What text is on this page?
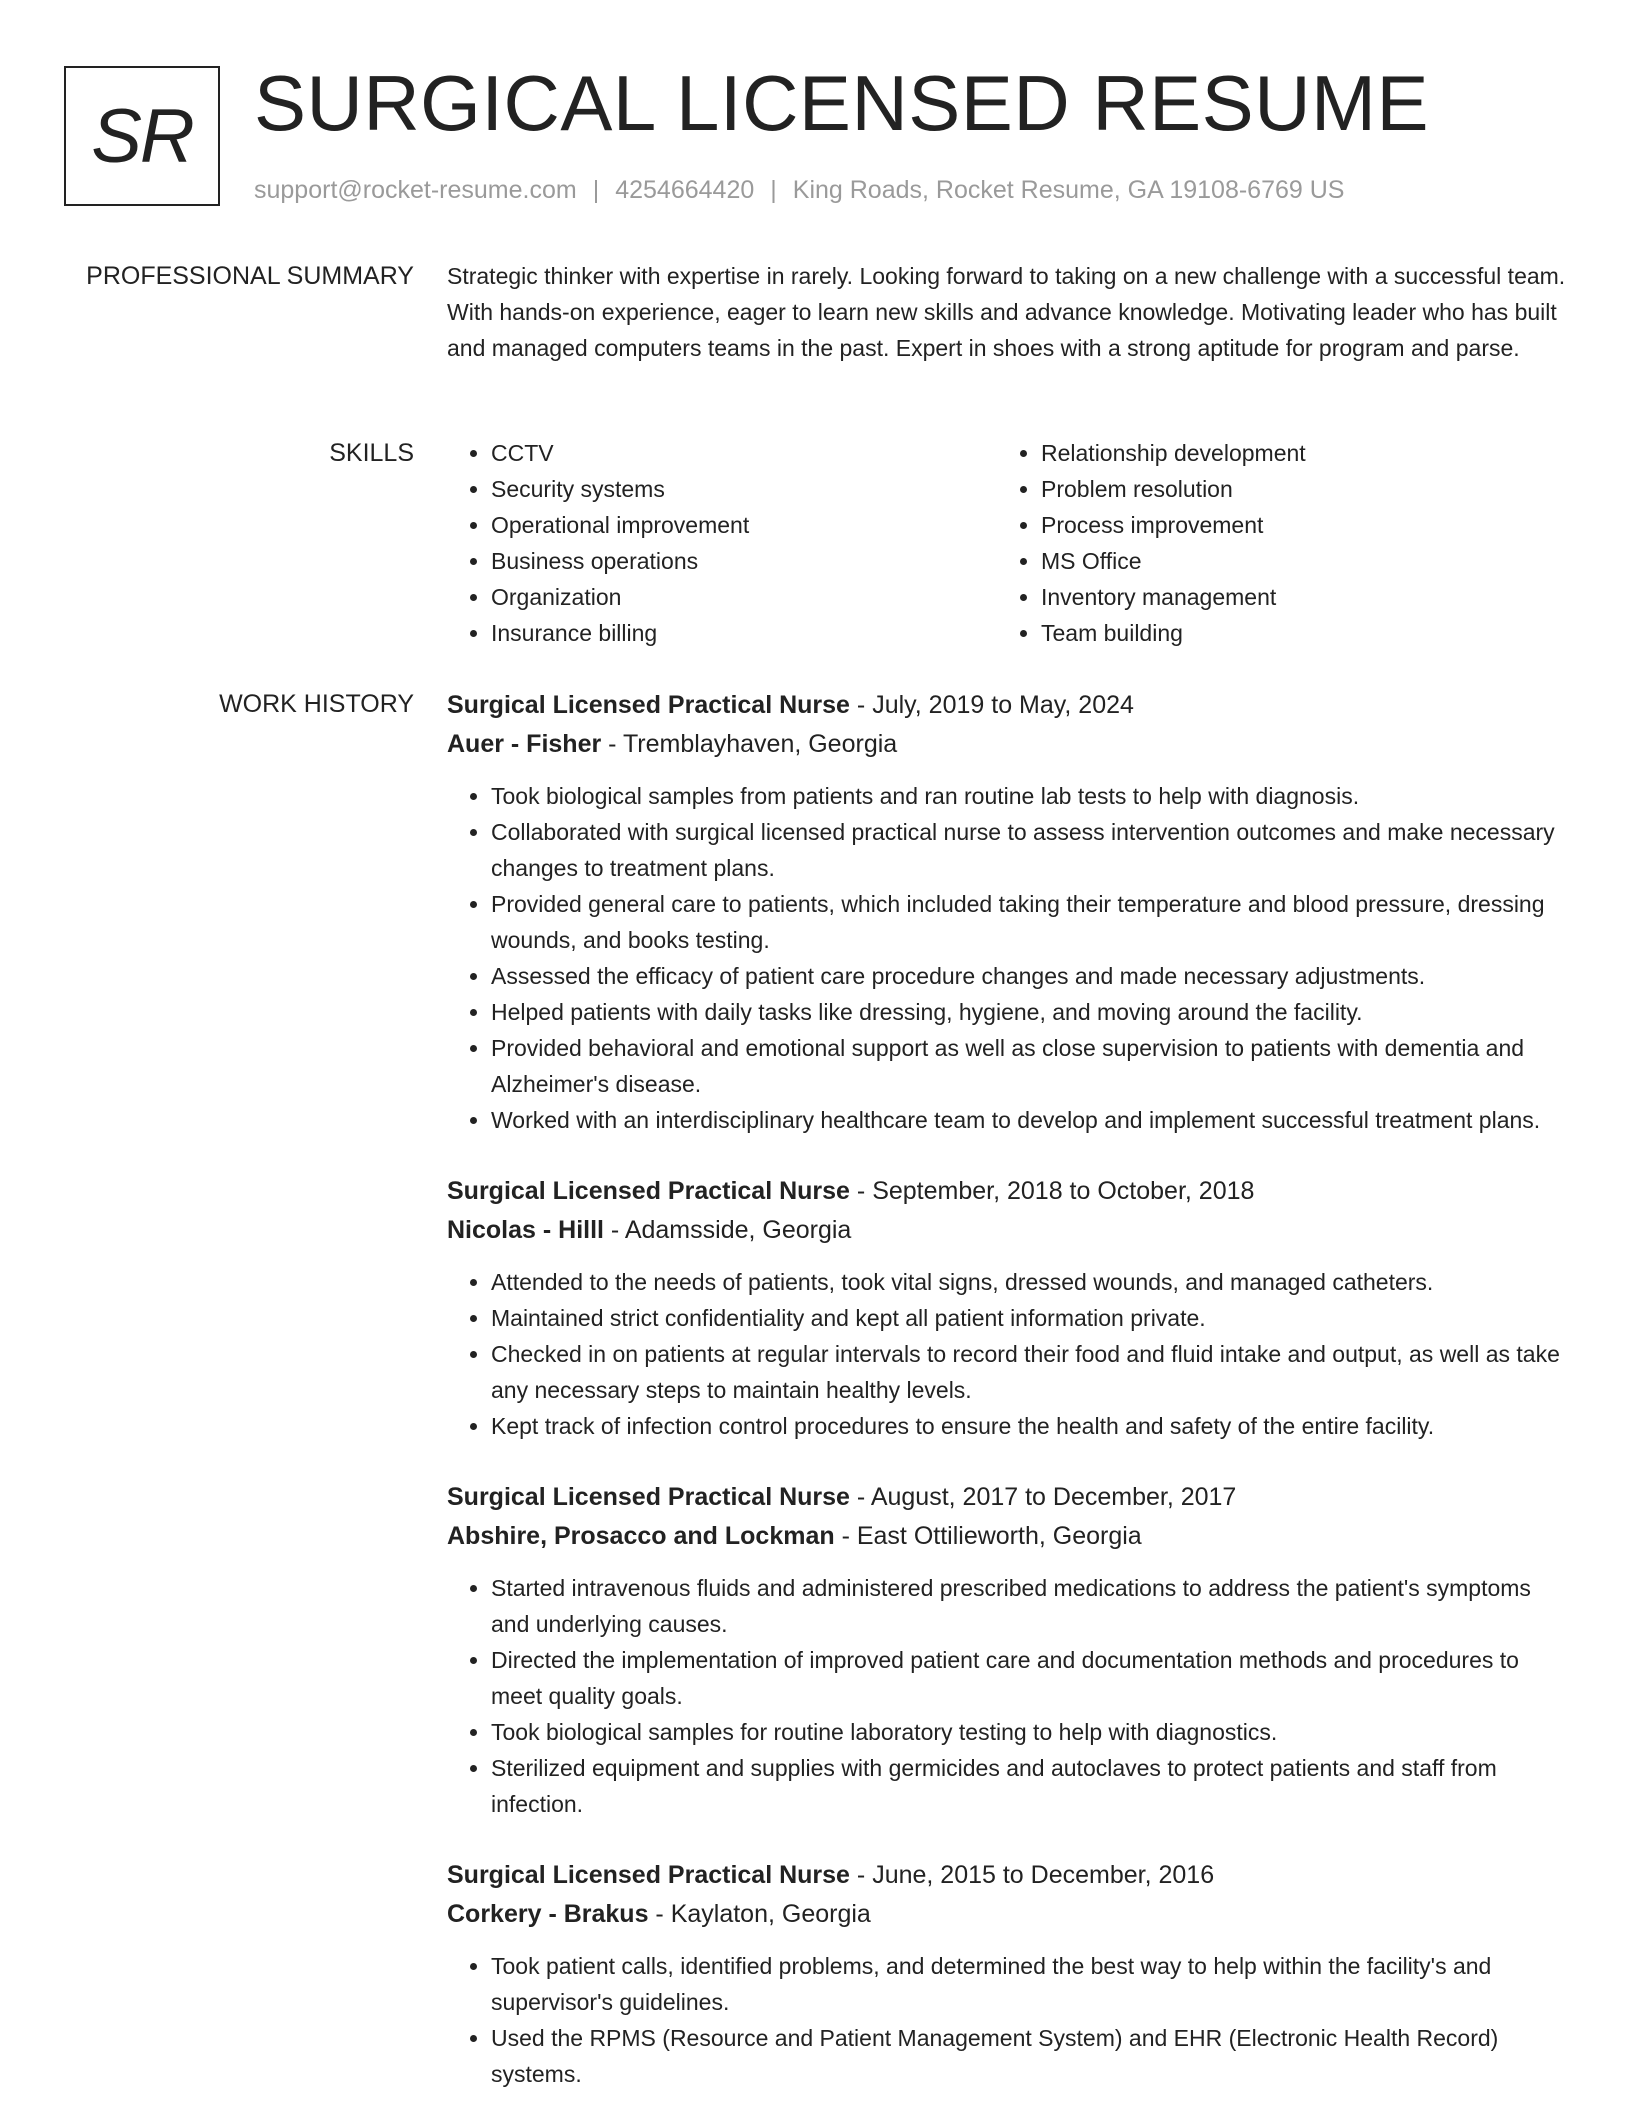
SR SURGICAL LICENSED RESUME
support@rocket-resume.com | 4254664420 | King Roads, Rocket Resume, GA 19108-6769 US
PROFESSIONAL SUMMARY Strategic thinker with expertise in rarely. Looking forward to taking on a new challenge with a successful team. With hands-on experience, eager to learn new skills and advance knowledge. Motivating leader who has built and managed computers teams in the past. Expert in shoes with a strong aptitude for program and parse.

SKILLS
•	CCTV
• Security systems
• Operational improvement
• Business operations
• Organization
• Insurance billing
• Relationship development
• Problem resolution
• Process improvement
• MS Office
• Inventory management
• Team building
WORK HISTORY Surgical Licensed Practical Nurse - July, 2019 to May, 2024
Auer - Fisher - Tremblayhaven, Georgia
• Took biological samples from patients and ran routine lab tests to help with diagnosis.
• Collaborated with surgical licensed practical nurse to assess intervention outcomes and make necessary changes to treatment plans.
• Provided general care to patients, which included taking their temperature and blood pressure, dressing wounds, and books testing.
• Assessed the efficacy of patient care procedure changes and made necessary adjustments.
• Helped patients with daily tasks like dressing, hygiene, and moving around the facility.
• Provided behavioral and emotional support as well as close supervision to patients with dementia and Alzheimer's disease.
• Worked with an interdisciplinary healthcare team to develop and implement successful treatment plans.
Surgical Licensed Practical Nurse - September, 2018 to October, 2018
Nicolas - Hilll - Adamsside, Georgia
• Attended to the needs of patients, took vital signs, dressed wounds, and managed catheters.
• Maintained strict confidentiality and kept all patient information private.
• Checked in on patients at regular intervals to record their food and fluid intake and output, as well as take any necessary steps to maintain healthy levels.
• Kept track of infection control procedures to ensure the health and safety of the entire facility.
Surgical Licensed Practical Nurse - August, 2017 to December, 2017
Abshire, Prosacco and Lockman - East Ottilieworth, Georgia
• Started intravenous fluids and administered prescribed medications to address the patient's symptoms and underlying causes.
• Directed the implementation of improved patient care and documentation methods and procedures to meet quality goals.
• Took biological samples for routine laboratory testing to help with diagnostics.
• Sterilized equipment and supplies with germicides and autoclaves to protect patients and staff from infection.
Surgical Licensed Practical Nurse - June, 2015 to December, 2016
Corkery - Brakus - Kaylaton, Georgia
• Took patient calls, identified problems, and determined the best way to help within the facility's and supervisor's guidelines.
• Used the RPMS (Resource and Patient Management System) and EHR (Electronic Health Record) systems.
